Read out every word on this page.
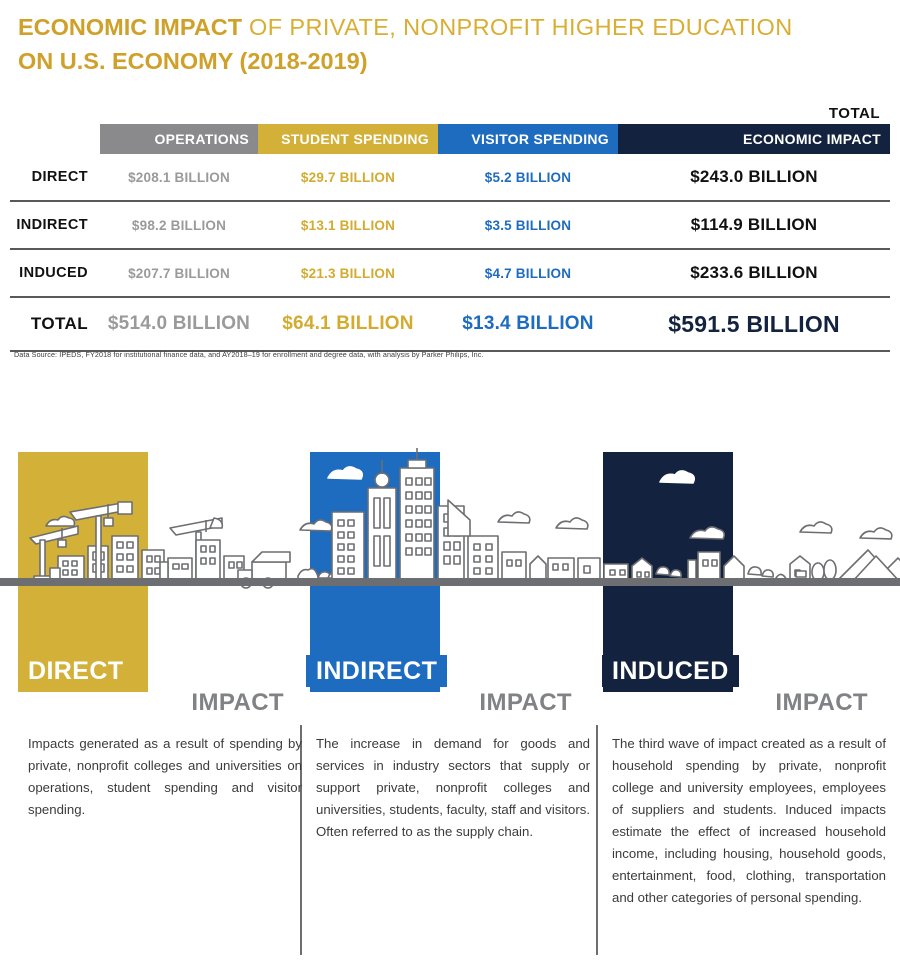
ECONOMIC IMPACT OF PRIVATE, NONPROFIT HIGHER EDUCATION
ON U.S. ECONOMY (2018-2019)
				TOTAL
	OPERATIONS	STUDENT SPENDING	VISITOR SPENDING	ECONOMIC IMPACT
DIRECT	$208.1 BILLION	$29.7 BILLION	$5.2 BILLION	$243.0 BILLION

INDIRECT	$98.2 BILLION	$13.1 BILLION	$3.5 BILLION	$114.9 BILLION

INDUCED	$207.7 BILLION	$21.3 BILLION	$4.7 BILLION	$233.6 BILLION

TOTAL	$514.0 BILLION	$64.1 BILLION	$13.4 BILLION	$591.5 BILLION

Data Source: IPEDS, FY2018 for institutional finance data, and AY2018–19 for enrollment and degree data, with analysis by Parker Philips, Inc.
DIRECT
IMPACT
Impacts generated as a result of spending by private, nonprofit colleges and universities on operations, student spending and visitor spending.
INDIRECT
IMPACT
The increase in demand for goods and services in industry sectors that supply or support private, nonprofit colleges and universities, students, faculty, staff and visitors. Often referred to as the supply chain.
INDUCED
IMPACT
The third wave of impact created as a result of household spending by private, nonprofit college and university employees, employees of suppliers and students. Induced impacts estimate the effect of increased household income, including housing, household goods, entertainment, food, clothing, transportation and other categories of personal spending.
